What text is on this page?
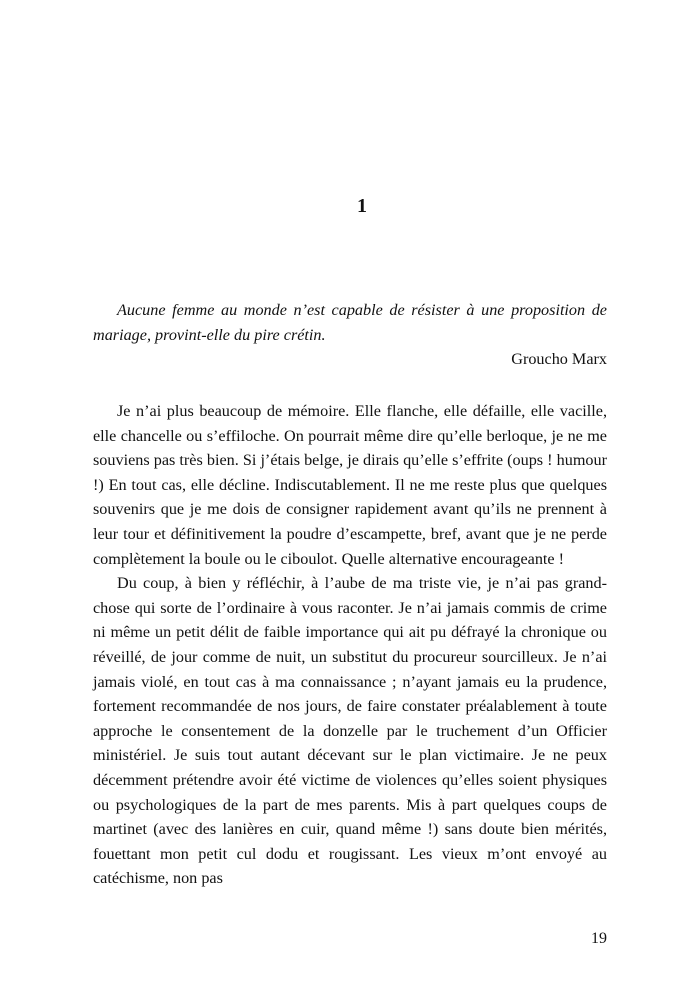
1

Aucune femme au monde n’est capable de résister à une proposition de mariage, provint-elle du pire crétin.

Groucho Marx

Je n’ai plus beaucoup de mémoire. Elle flanche, elle défaille, elle vacille, elle chancelle ou s’effiloche. On pourrait même dire qu’elle berloque, je ne me souviens pas très bien. Si j’étais belge, je dirais qu’elle s’effrite (oups ! humour !) En tout cas, elle décline. Indiscutablement. Il ne me reste plus que quelques souvenirs que je me dois de consigner rapidement avant qu’ils ne prennent à leur tour et définitivement la poudre d’escampette, bref, avant que je ne perde complètement la boule ou le ciboulot. Quelle alternative encourageante !

Du coup, à bien y réfléchir, à l’aube de ma triste vie, je n’ai pas grand-chose qui sorte de l’ordinaire à vous raconter. Je n’ai jamais commis de crime ni même un petit délit de faible importance qui ait pu défrayé la chronique ou réveillé, de jour comme de nuit, un substitut du procureur sourcilleux. Je n’ai jamais violé, en tout cas à ma connaissance ; n’ayant jamais eu la prudence, fortement recommandée de nos jours, de faire constater préalablement à toute approche le consentement de la donzelle par le truchement d’un Officier ministériel. Je suis tout autant décevant sur le plan victimaire. Je ne peux décemment prétendre avoir été victime de violences qu’elles soient physiques ou psychologiques de la part de mes parents. Mis à part quelques coups de martinet (avec des lanières en cuir, quand même !) sans doute bien mérités, fouettant mon petit cul dodu et rougissant. Les vieux m’ont envoyé au catéchisme, non pas

19
